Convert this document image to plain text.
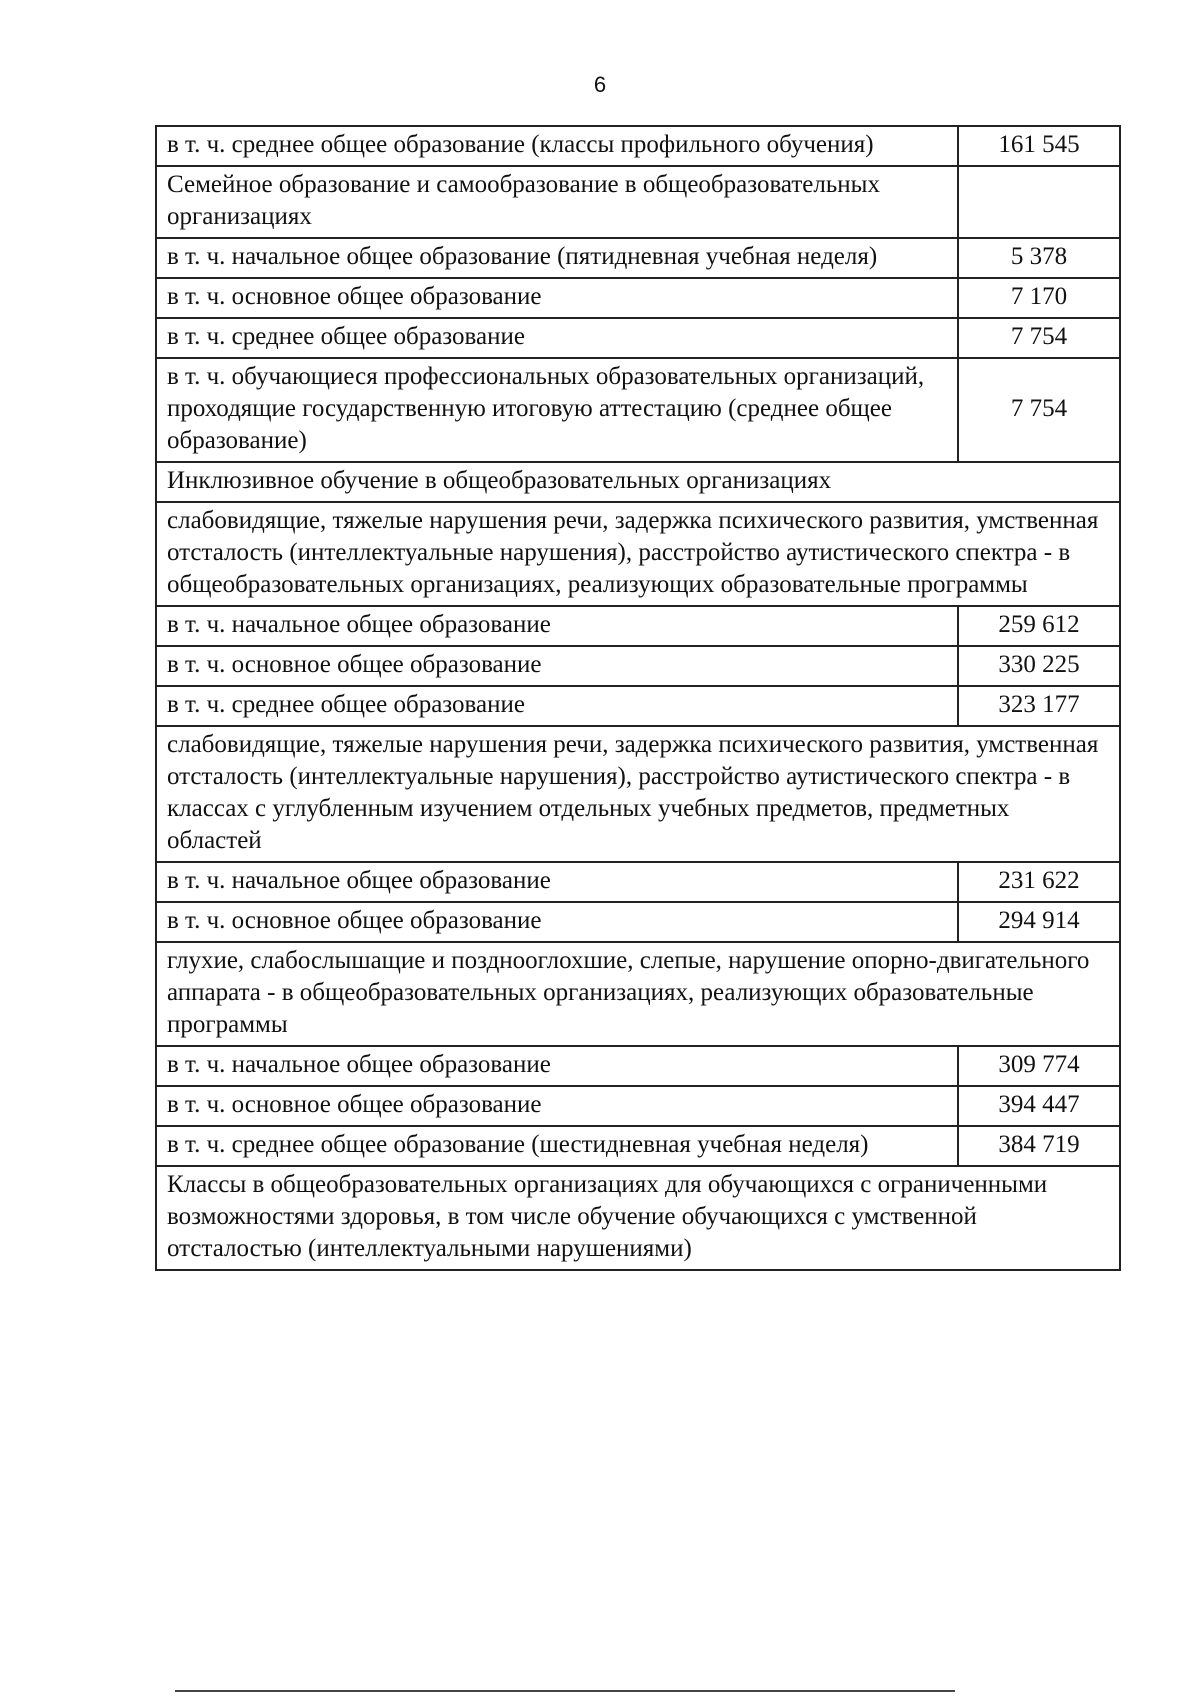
6
в т. ч. среднее общее образование (классы профильного обучения)	161 545
Семейное образование и самообразование в общеобразовательных организациях	
в т. ч. начальное общее образование (пятидневная учебная неделя)	5 378
в т. ч. основное общее образование	7 170
в т. ч. среднее общее образование	7 754
в т. ч. обучающиеся профессиональных образовательных организаций, проходящие государственную итоговую аттестацию (среднее общее образование)	7 754
Инклюзивное обучение в общеобразовательных организациях	
слабовидящие, тяжелые нарушения речи, задержка психического развития, умственная отсталость (интеллектуальные нарушения), расстройство аутистического спектра - в общеобразовательных организациях, реализующих образовательные программы	
в т. ч. начальное общее образование	259 612
в т. ч. основное общее образование	330 225
в т. ч. среднее общее образование	323 177
слабовидящие, тяжелые нарушения речи, задержка психического развития, умственная отсталость (интеллектуальные нарушения), расстройство аутистического спектра - в классах с углубленным изучением отдельных учебных предметов, предметных областей	
в т. ч. начальное общее образование	231 622
в т. ч. основное общее образование	294 914
глухие, слабослышащие и позднооглохшие, слепые, нарушение опорно-двигательного аппарата - в общеобразовательных организациях, реализующих образовательные программы	
в т. ч. начальное общее образование	309 774
в т. ч. основное общее образование	394 447
в т. ч. среднее общее образование (шестидневная учебная неделя)	384 719
Классы в общеобразовательных организациях для обучающихся с ограниченными возможностями здоровья, в том числе обучение обучающихся с умственной отсталостью (интеллектуальными нарушениями)	
